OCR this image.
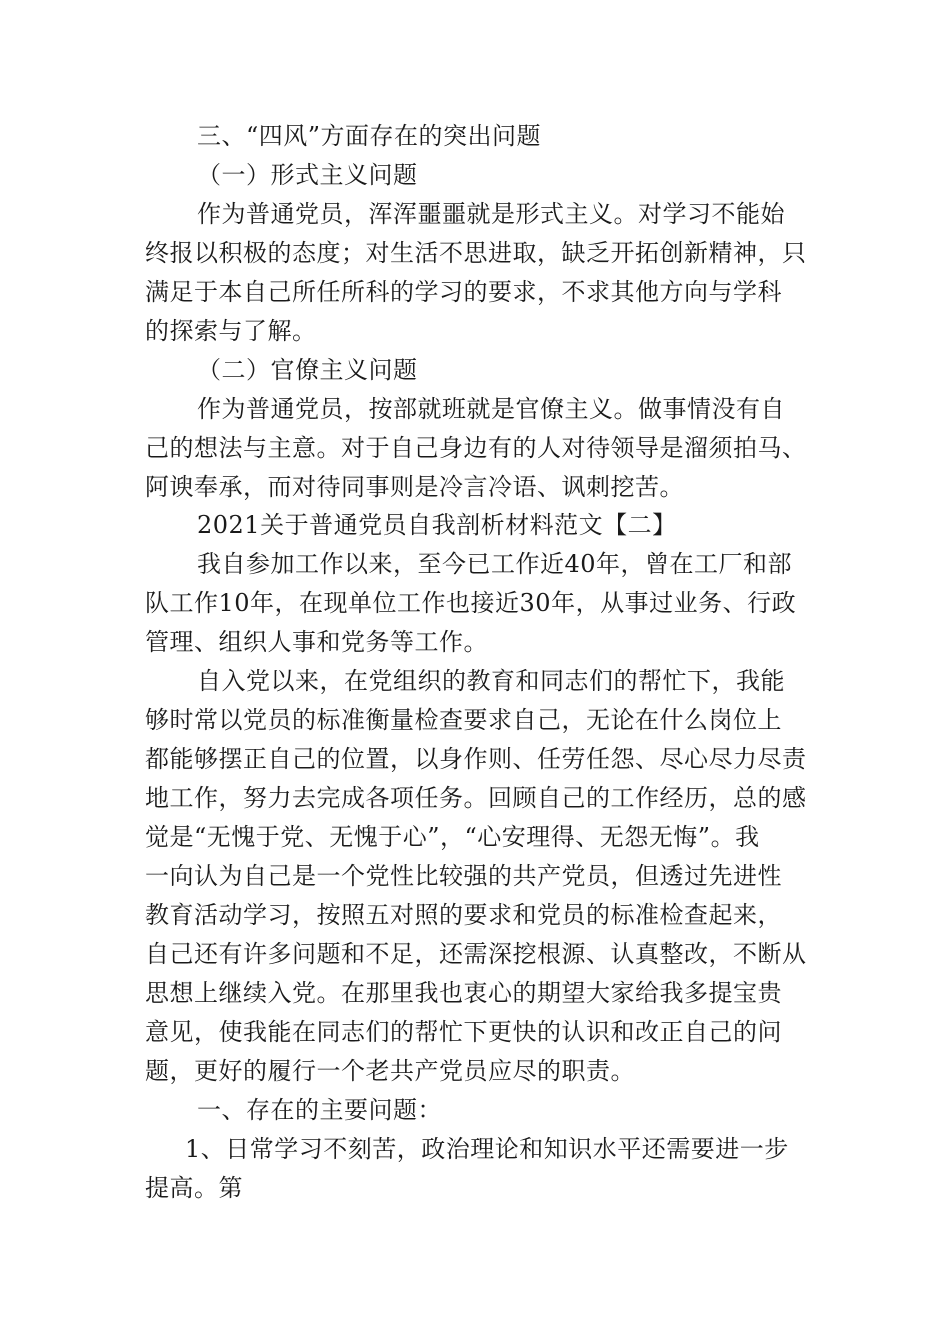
三、“四风”方面存在的突出问题
（一）形式主义问题
作为普通党员，浑浑噩噩就是形式主义。对学习不能始
终报以积极的态度；对生活不思进取，缺乏开拓创新精神，只
满足于本自己所任所科的学习的要求，不求其他方向与学科
的探索与了解。
（二）官僚主义问题
作为普通党员，按部就班就是官僚主义。做事情没有自
己的想法与主意。对于自己身边有的人对待领导是溜须拍马、
阿谀奉承，而对待同事则是冷言冷语、讽刺挖苦。
2021关于普通党员自我剖析材料范文【二】
我自参加工作以来，至今已工作近40年，曾在工厂和部
队工作10年，在现单位工作也接近30年，从事过业务、行政
管理、组织人事和党务等工作。
自入党以来，在党组织的教育和同志们的帮忙下，我能
够时常以党员的标准衡量检查要求自己，无论在什么岗位上
都能够摆正自己的位置，以身作则、任劳任怨、尽心尽力尽责
地工作，努力去完成各项任务。回顾自己的工作经历，总的感
觉是“无愧于党、无愧于心”，“心安理得、无怨无悔”。我
一向认为自己是一个党性比较强的共产党员，但透过先进性
教育活动学习，按照五对照的要求和党员的标准检查起来，
自己还有许多问题和不足，还需深挖根源、认真整改，不断从
思想上继续入党。在那里我也衷心的期望大家给我多提宝贵
意见，使我能在同志们的帮忙下更快的认识和改正自己的问
题，更好的履行一个老共产党员应尽的职责。
一、存在的主要问题：
1、日常学习不刻苦，政治理论和知识水平还需要进一步
提高。第
